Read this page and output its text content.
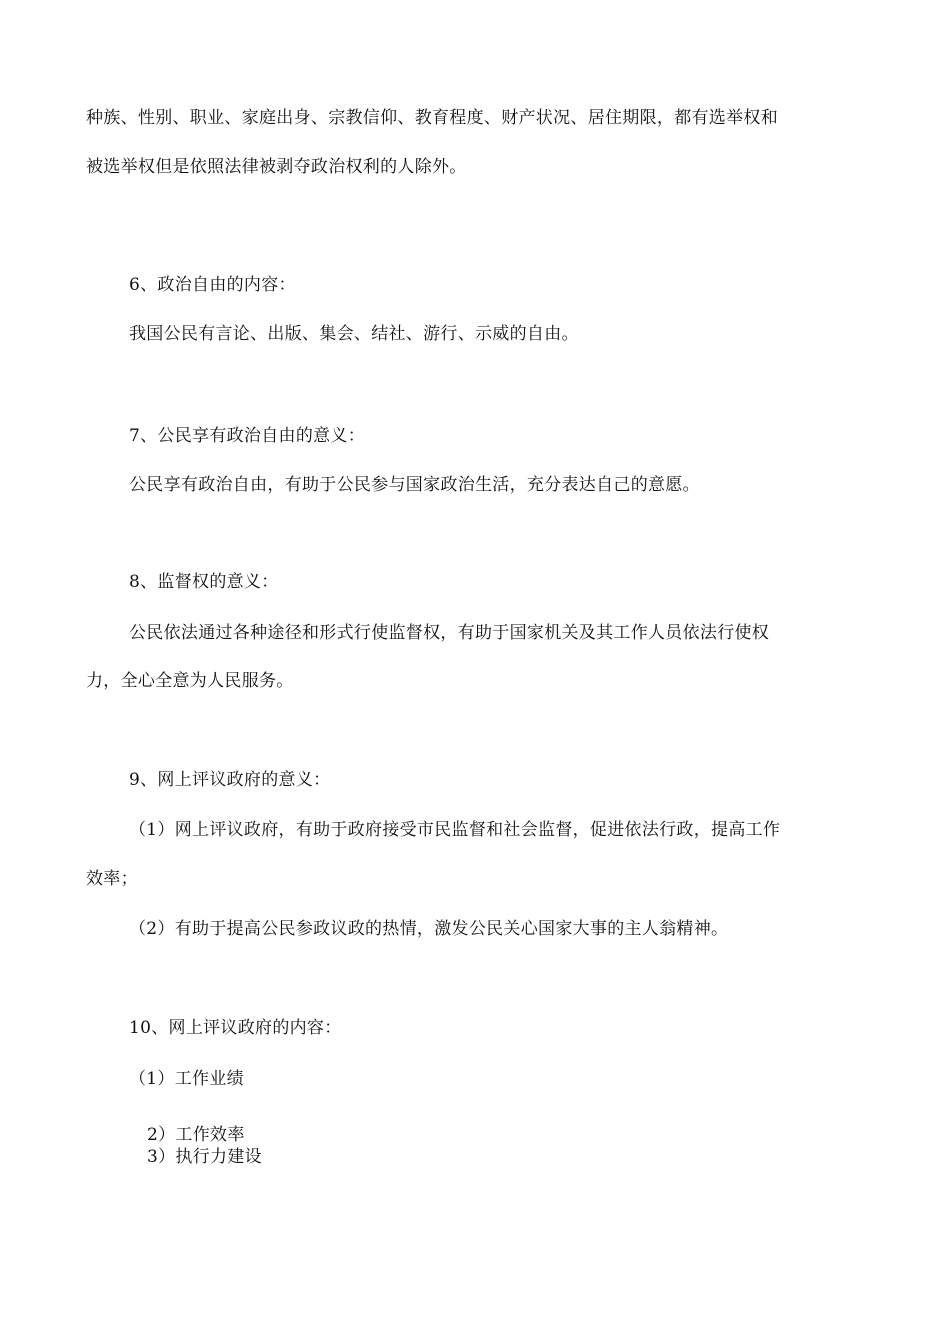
种族、性别、职业、家庭出身、宗教信仰、教育程度、财产状况、居住期限，都有选举权和
被选举权但是依照法律被剥夺政治权利的人除外。
6、政治自由的内容：
我国公民有言论、出版、集会、结社、游行、示威的自由。
7、公民享有政治自由的意义：
公民享有政治自由，有助于公民参与国家政治生活，充分表达自己的意愿。
8、监督权的意义：
公民依法通过各种途径和形式行使监督权，有助于国家机关及其工作人员依法行使权
力，全心全意为人民服务。
9、网上评议政府的意义：
（1）网上评议政府，有助于政府接受市民监督和社会监督，促进依法行政，提高工作
效率；
（2）有助于提高公民参政议政的热情，激发公民关心国家大事的主人翁精神。
10、网上评议政府的内容：
（1）工作业绩
2）工作效率
3）执行力建设
